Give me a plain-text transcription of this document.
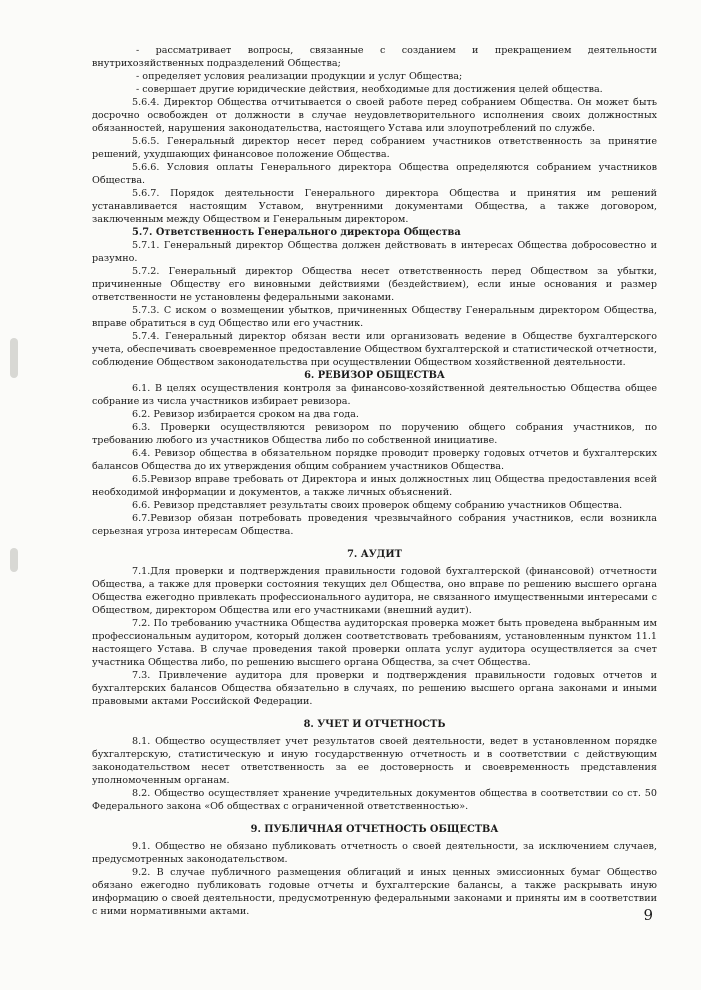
- рассматривает вопросы, связанные с созданием и прекращением деятельности внутрихозяйственных подразделений Общества;

- определяет условия реализации продукции и услуг Общества;

- совершает другие юридические действия, необходимые для достижения целей общества.

5.6.4. Директор Общества отчитывается о своей работе перед собранием Общества. Он может быть досрочно освобожден от должности в случае неудовлетворительного исполнения своих должностных обязанностей, нарушения законодательства, настоящего Устава или злоупотреблений по службе.

5.6.5. Генеральный директор несет перед собранием участников ответственность за принятие решений, ухудшающих финансовое положение Общества.

5.6.6. Условия оплаты Генерального директора Общества определяются собранием участников Общества.

5.6.7. Порядок деятельности Генерального директора Общества и принятия им решений устанавливается настоящим Уставом, внутренними документами Общества, а также договором, заключенным между Обществом и Генеральным директором.

5.7. Ответственность Генерального директора Общества

5.7.1. Генеральный директор Общества должен действовать в интересах Общества добросовестно и разумно.

5.7.2. Генеральный директор Общества несет ответственность перед Обществом за убытки, причиненные Обществу его виновными действиями (бездействием), если иные основания и размер ответственности не установлены федеральными законами.

5.7.3. С иском о возмещении убытков, причиненных Обществу Генеральным директором Общества, вправе обратиться в суд Общество или его участник.

5.7.4. Генеральный директор обязан вести или организовать ведение в Обществе бухгалтерского учета, обеспечивать своевременное предоставление Обществом бухгалтерской и статистической отчетности, соблюдение Обществом законодательства при осуществлении Обществом хозяйственной деятельности.

6. РЕВИЗОР ОБЩЕСТВА

6.1. В целях осуществления контроля за финансово-хозяйственной деятельностью Общества общее собрание из числа участников избирает ревизора.

6.2. Ревизор избирается сроком на два года.

6.3. Проверки осуществляются ревизором по поручению общего собрания участников, по требованию любого из участников Общества либо по собственной инициативе.

6.4. Ревизор общества в обязательном порядке проводит проверку годовых отчетов и бухгалтерских балансов Общества до их утверждения общим собранием участников Общества.

6.5.Ревизор вправе требовать от Директора и иных должностных лиц Общества предоставления всей необходимой информации и документов, а также личных объяснений.

6.6. Ревизор представляет результаты своих проверок общему собранию участников Общества.

6.7.Ревизор обязан потребовать проведения чрезвычайного собрания участников, если возникла серьезная угроза интересам Общества.

7. АУДИТ

7.1.Для проверки и подтверждения правильности годовой бухгалтерской (финансовой) отчетности Общества, а также для проверки состояния текущих дел Общества, оно вправе по решению высшего органа Общества ежегодно привлекать профессионального аудитора, не связанного имущественными интересами с Обществом, директором Общества или его участниками (внешний аудит).

7.2. По требованию участника Общества аудиторская проверка может быть проведена выбранным им профессиональным аудитором, который должен соответствовать требованиям, установленным пунктом 11.1 настоящего Устава. В случае проведения такой проверки оплата услуг аудитора осуществляется за счет участника Общества либо, по решению высшего органа Общества, за счет Общества.

7.3. Привлечение аудитора для проверки и подтверждения правильности годовых отчетов и бухгалтерских балансов Общества обязательно в случаях, по решению высшего органа законами и иными правовыми актами Российской Федерации.

8. УЧЕТ И ОТЧЕТНОСТЬ

8.1. Общество осуществляет учет результатов своей деятельности, ведет в установленном порядке бухгалтерскую, статистическую и иную государственную отчетность и в соответствии с действующим законодательством несет ответственность за ее достоверность и своевременность представления уполномоченным органам.

8.2. Общество осуществляет хранение учредительных документов общества в соответствии со ст. 50 Федерального закона «Об обществах с ограниченной ответственностью».

9. ПУБЛИЧНАЯ ОТЧЕТНОСТЬ ОБЩЕСТВА

9.1. Общество не обязано публиковать отчетность о своей деятельности, за исключением случаев, предусмотренных законодательством.

9.2. В случае публичного размещения облигаций и иных ценных эмиссионных бумаг Общество обязано ежегодно публиковать годовые отчеты и бухгалтерские балансы, а также раскрывать иную информацию о своей деятельности, предусмотренную федеральными законами и приняты им в соответствии с ними нормативными актами.	9
